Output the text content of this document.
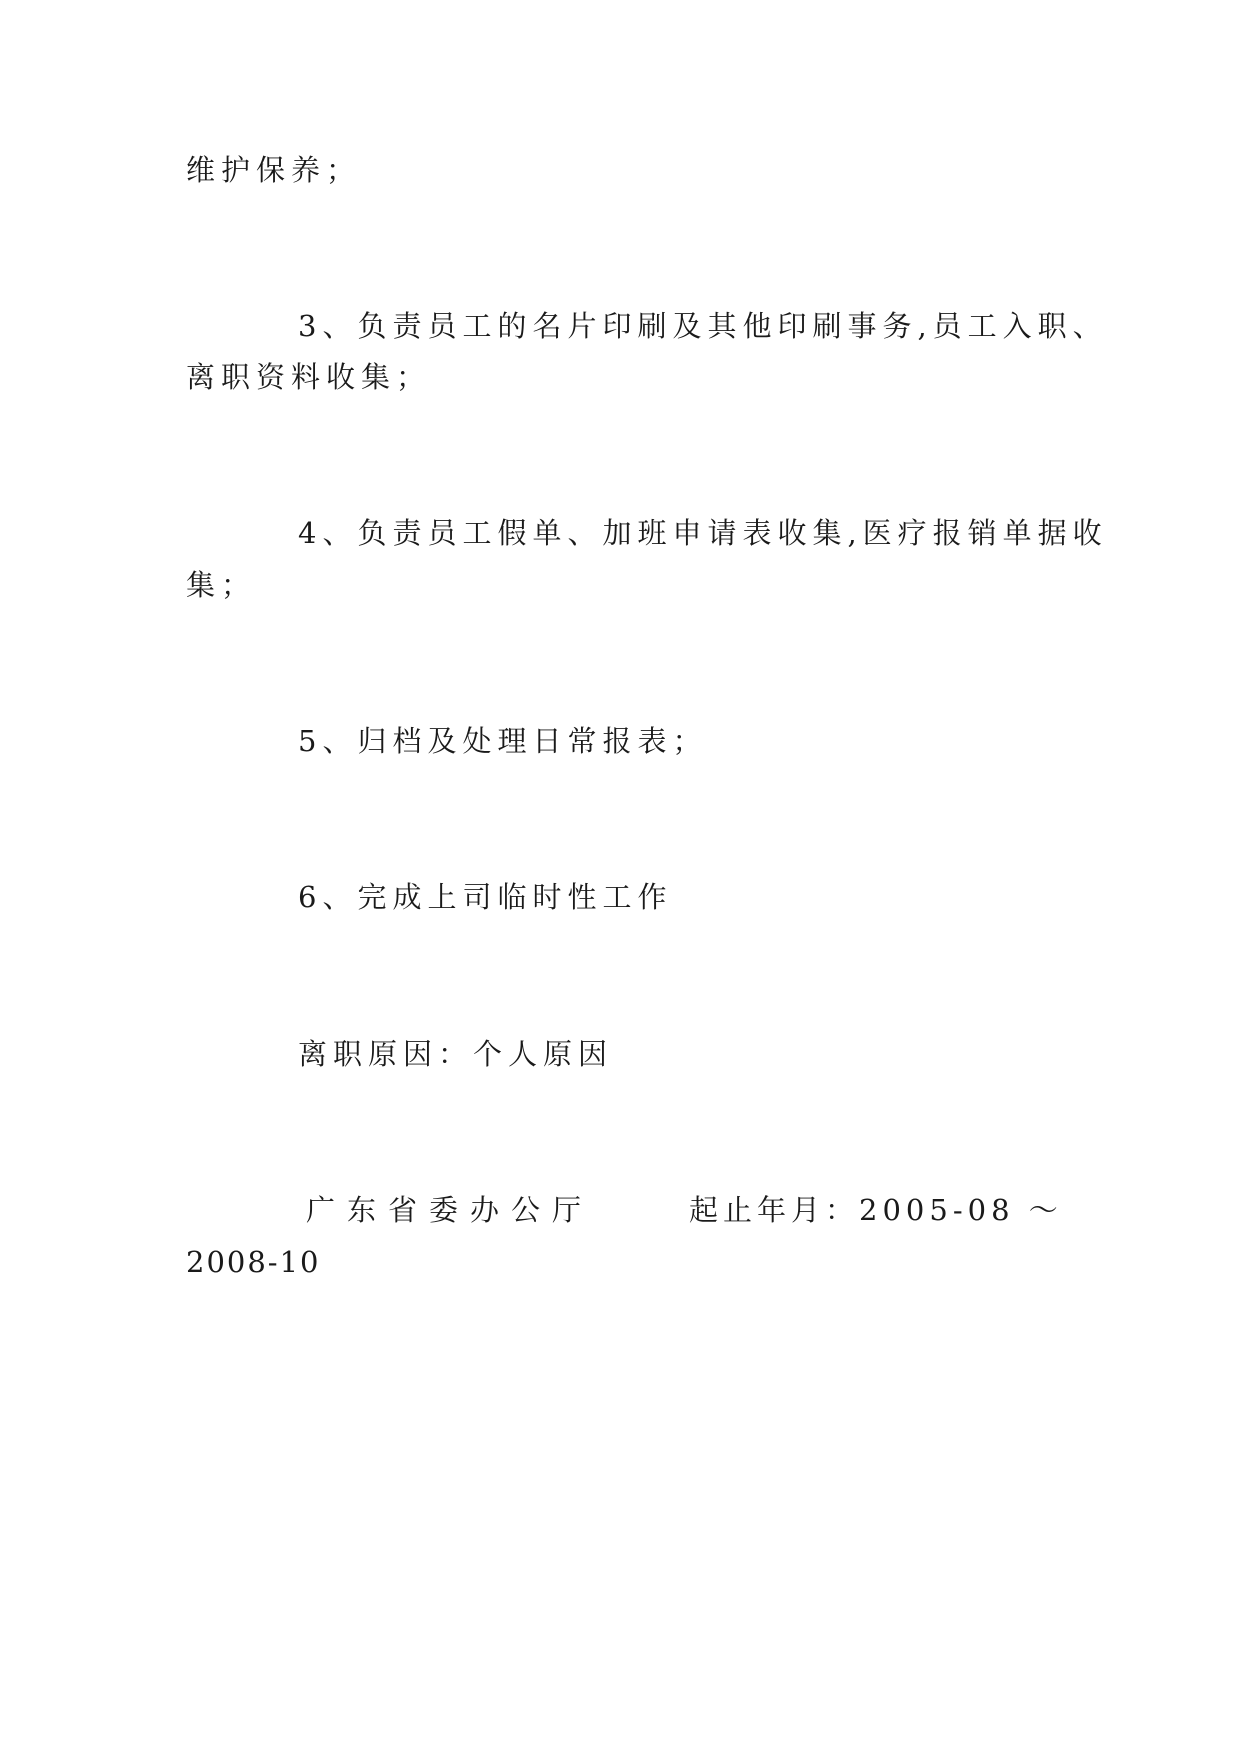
维护保养；
3、负责员工的名片印刷及其他印刷事务,员工入职、
离职资料收集；
4、负责员工假单、加班申请表收集,医疗报销单据收
集；
5、归档及处理日常报表；
6、完成上司临时性工作
离职原因：个人原因
广东省委办公厅	起止年月：2005-08 ～
2008-10
